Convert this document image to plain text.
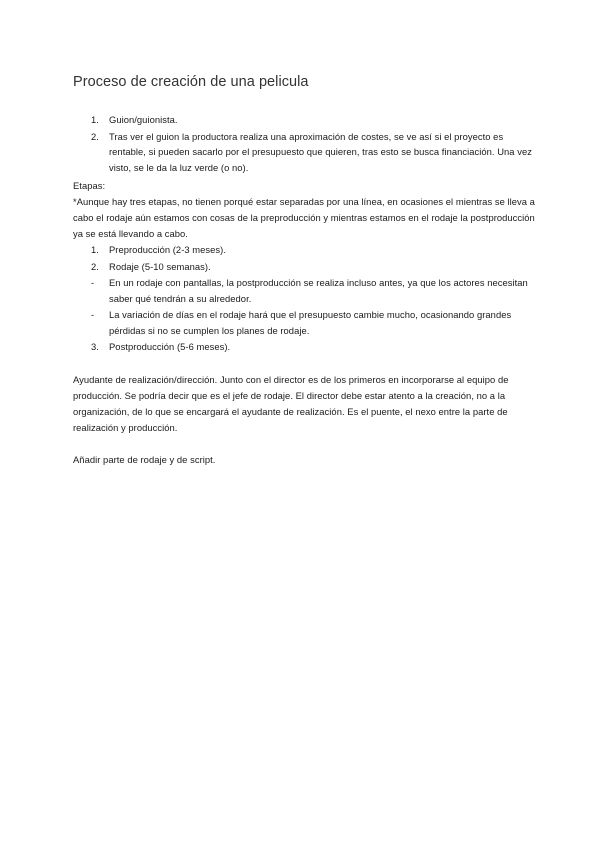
Proceso de creación de una pelicula
1. Guion/guionista.
2. Tras ver el guion la productora realiza una aproximación de costes, se ve así si el proyecto es rentable, si pueden sacarlo por el presupuesto que quieren, tras esto se busca financiación. Una vez visto, se le da la luz verde (o no).

Etapas:

*Aunque hay tres etapas, no tienen porqué estar separadas por una línea, en ocasiones el mientras se lleva a cabo el rodaje aún estamos con cosas de la preproducción y mientras estamos en el rodaje la postproducción ya se está llevando a cabo.

1. Preproducción (2-3 meses).
2. Rodaje (5-10 semanas).
- En un rodaje con pantallas, la postproducción se realiza incluso antes, ya que los actores necesitan saber qué tendrán a su alrededor.
- La variación de días en el rodaje hará que el presupuesto cambie mucho, ocasionando grandes pérdidas si no se cumplen los planes de rodaje.
3. Postproducción (5-6 meses).

Ayudante de realización/dirección. Junto con el director es de los primeros en incorporarse al equipo de producción. Se podría decir que es el jefe de rodaje. El director debe estar atento a la creación, no a la organización, de lo que se encargará el ayudante de realización. Es el puente, el nexo entre la parte de realización y producción.

Añadir parte de rodaje y de script.
